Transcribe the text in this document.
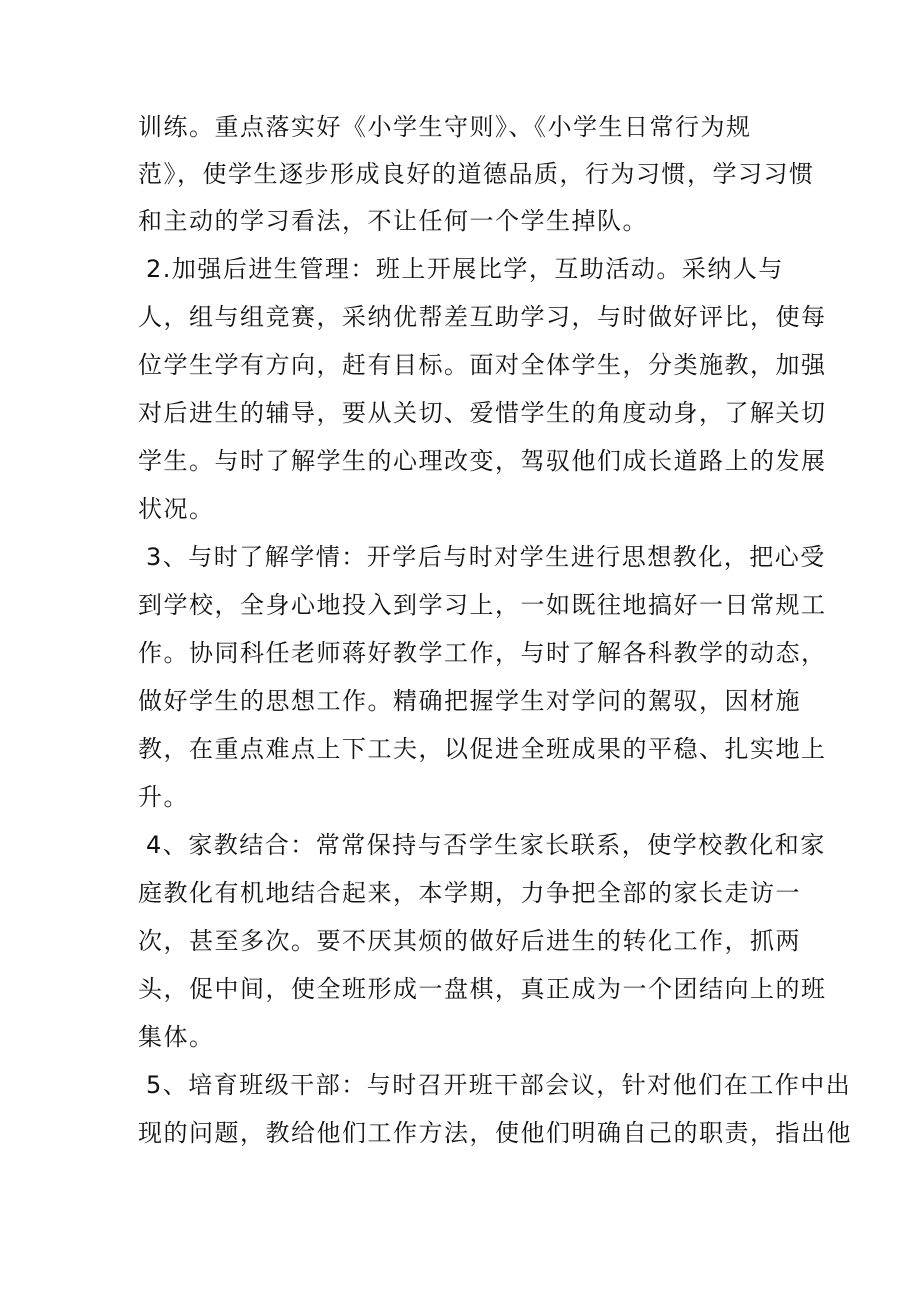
训练。重点落实好《小学生守则》、《小学生日常行为规
范》，使学生逐步形成良好的道德品质，行为习惯，学习习惯
和主动的学习看法，不让任何一个学生掉队。
2.加强后进生管理：班上开展比学，互助活动。采纳人与
人，组与组竞赛，采纳优帮差互助学习，与时做好评比，使每
位学生学有方向，赶有目标。面对全体学生，分类施教，加强
对后进生的辅导，要从关切、爱惜学生的角度动身，了解关切
学生。与时了解学生的心理改变，驾驭他们成长道路上的发展
状况。
3、与时了解学情：开学后与时对学生进行思想教化，把心受
到学校，全身心地投入到学习上，一如既往地搞好一日常规工
作。协同科任老师蒋好教学工作，与时了解各科教学的动态，
做好学生的思想工作。精确把握学生对学问的駕驭，因材施
教，在重点难点上下工夫，以促进全班成果的平稳、扎实地上
升。
4、家教结合：常常保持与否学生家长联系，使学校教化和家
庭教化有机地结合起来，本学期，力争把全部的家长走访一
次，甚至多次。要不厌其烦的做好后进生的转化工作，抓两
头，促中间，使全班形成一盘棋，真正成为一个团结向上的班
集体。
5、培育班级干部：与时召开班干部会议，针对他们在工作中出
现的问题，教给他们工作方法，使他们明确自己的职责，指出他
